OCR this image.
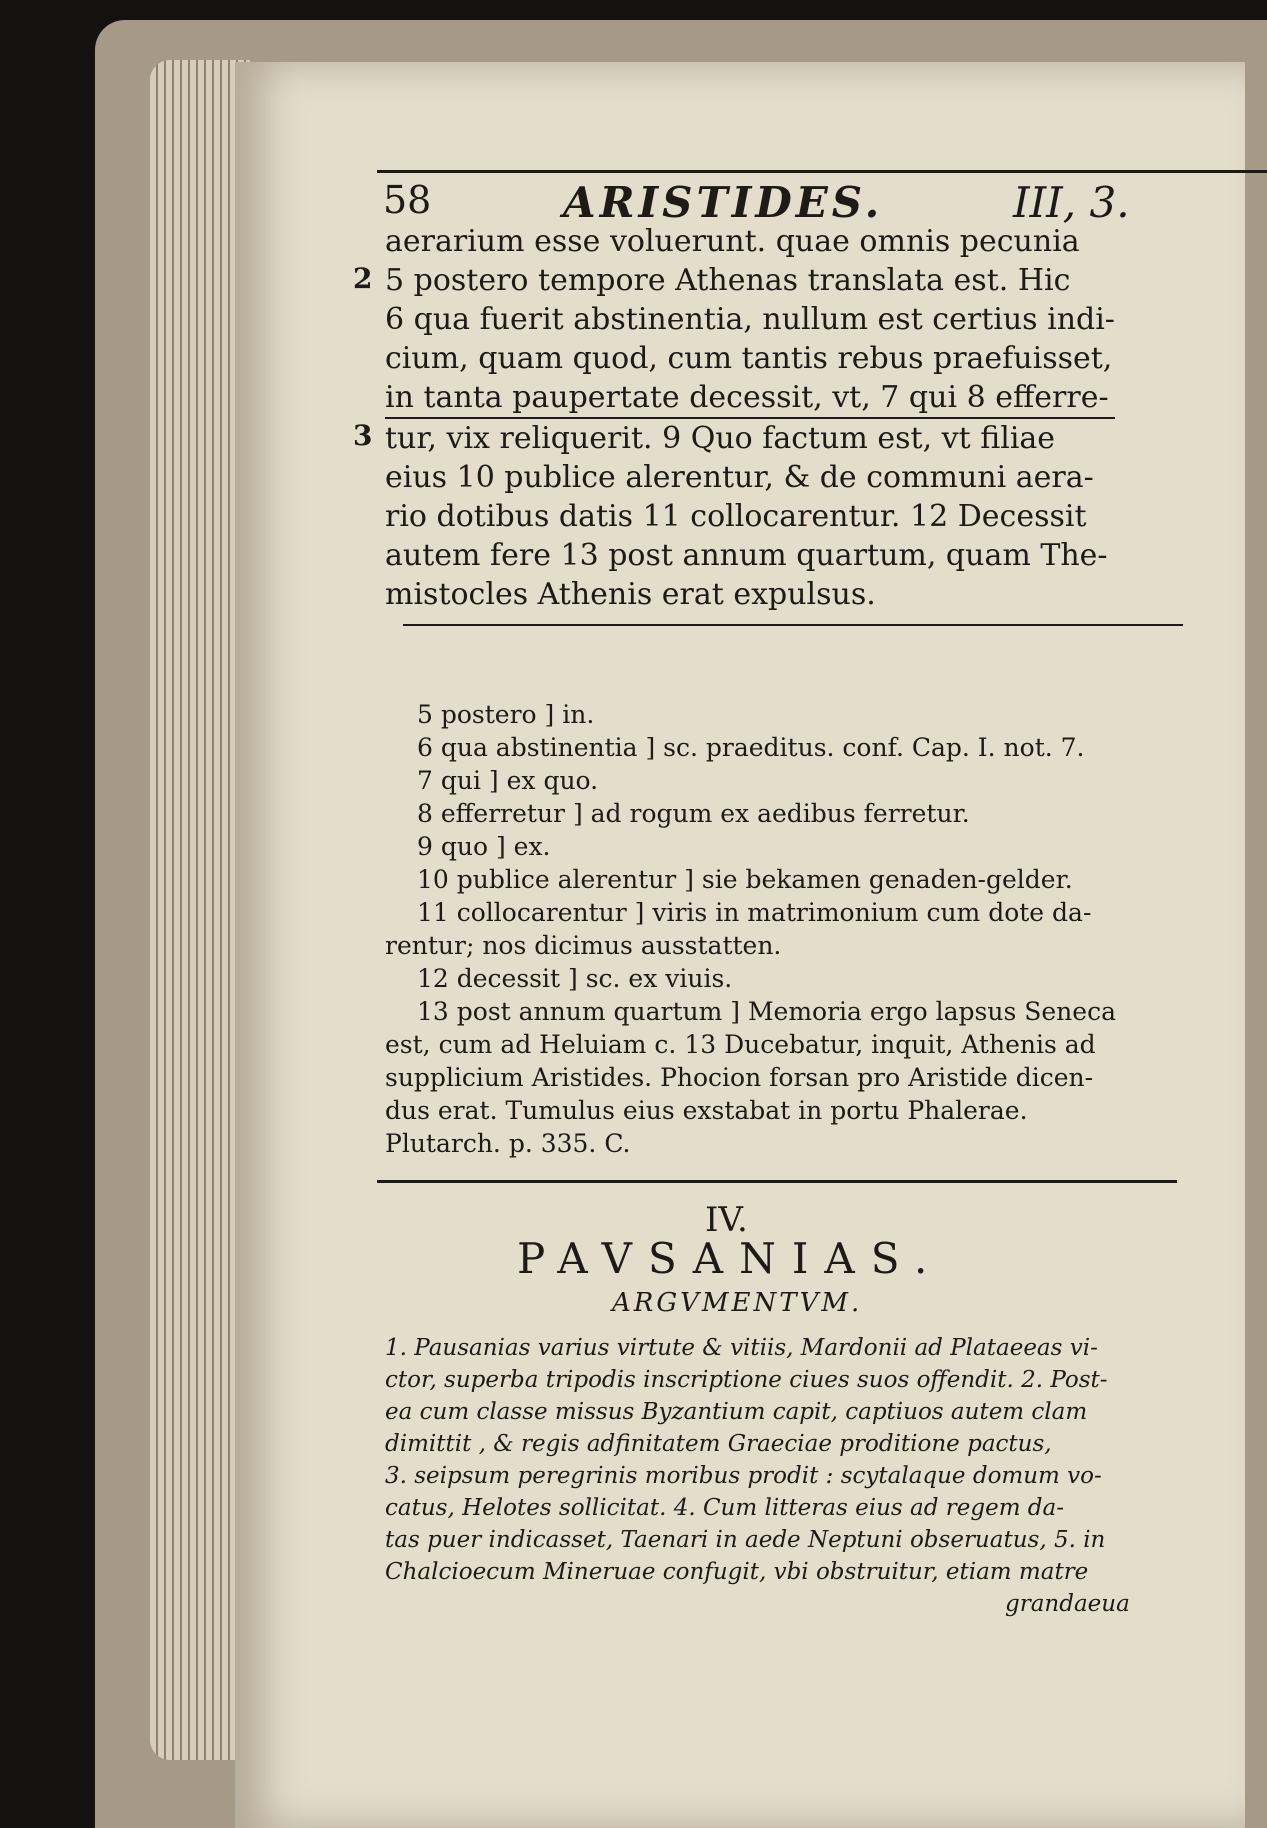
58	ARISTIDES.	III, 3.
2
3
aerarium esse voluerunt. quae omnis pecunia
5 postero tempore Athenas translata est. Hic
6 qua fuerit abstinentia, nullum est certius indi-
cium, quam quod, cum tantis rebus praefuisset,
in tanta paupertate decessit, vt, 7 qui 8 efferre-
tur, vix reliquerit. 9 Quo factum est, vt filiae
eius 10 publice alerentur, & de communi aera-
rio dotibus datis 11 collocarentur. 12 Decessit
autem fere 13 post annum quartum, quam The-
mistocles Athenis erat expulsus.
5 postero ] in.
6 qua abstinentia ] sc. praeditus. conf. Cap. I. not. 7.
7 qui ] ex quo.
8 efferretur ] ad rogum ex aedibus ferretur.
9 quo ] ex.
10 publice alerentur ] sie bekamen genaden-gelder.
11 collocarentur ] viris in matrimonium cum dote da-
rentur; nos dicimus ausstatten.
12 decessit ] sc. ex viuis.
13 post annum quartum ] Memoria ergo lapsus Seneca
est, cum ad Heluiam c. 13 Ducebatur, inquit, Athenis ad
supplicium Aristides. Phocion forsan pro Aristide dicen-
dus erat. Tumulus eius exstabat in portu Phalerae.
Plutarch. p. 335. C.
IV.
PAVSANIAS.
ARGVMENTVM.
1. Pausanias varius virtute & vitiis, Mardonii ad Plataeeas vi-
ctor, superba tripodis inscriptione ciues suos offendit. 2. Post-
ea cum classe missus Byzantium capit, captiuos autem clam
dimittit , & regis adfinitatem Graeciae proditione pactus,
3. seipsum peregrinis moribus prodit : scytalaque domum vo-
catus, Helotes sollicitat. 4. Cum litteras eius ad regem da-
tas puer indicasset, Taenari in aede Neptuni obseruatus, 5. in
Chalcioecum Mineruae confugit, vbi obstruitur, etiam matre
grandaeua
